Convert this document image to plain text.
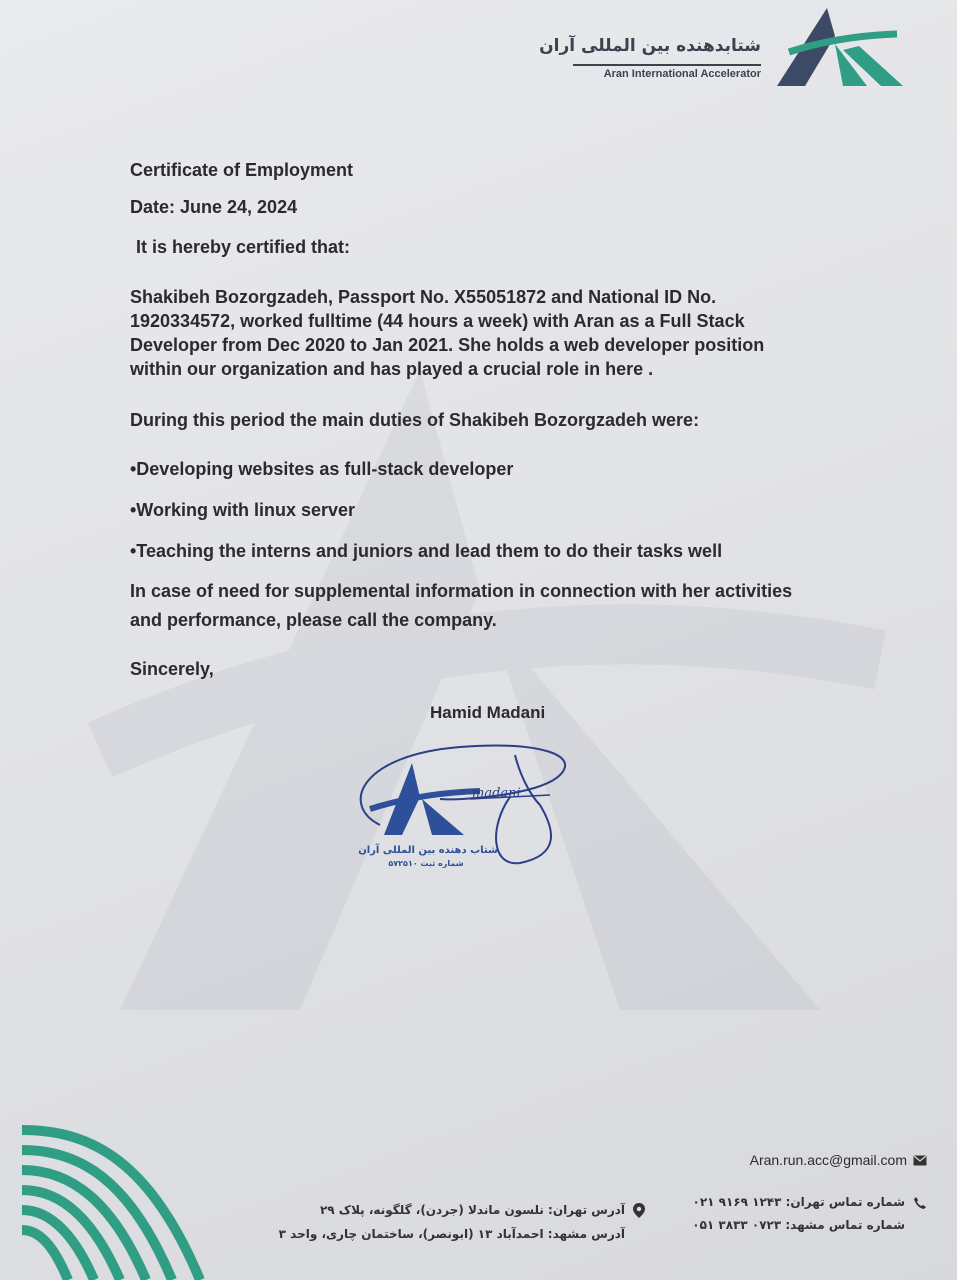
شتابدهنده بین المللی آران
Aran International Accelerator
Certificate of Employment
Date: June 24, 2024
It is hereby certified that:
Shakibeh Bozorgzadeh, Passport No. X55051872 and National ID No.
1920334572, worked fulltime (44 hours a week) with Aran as a Full Stack
Developer from Dec 2020 to Jan 2021. She holds a web developer position
within our organization and has played a crucial role in here .
During this period the main duties of Shakibeh Bozorgzadeh were:
•Developing websites as full-stack developer
•Working with linux server
•Teaching the interns and juniors and lead them to do their tasks well
In case of need for supplemental information in connection with her activities
and performance, please call the company.
Sincerely,
Hamid Madani
madani
شتاب دهنده بین المللی آران
شماره ثبت ۵۷۲۵۱۰
Aran.run.acc@gmail.com
شماره تماس تهران: ۱۲۴۳ ۹۱۶۹ ۰۲۱
شماره تماس مشهد: ۰۷۲۳ ۳۸۳۳ ۰۵۱
آدرس تهران: نلسون ماندلا (جردن)، گلگونه، پلاک ۲۹
آدرس مشهد: احمدآباد ۱۳ (ابونصر)، ساختمان چاری، واحد ۳
